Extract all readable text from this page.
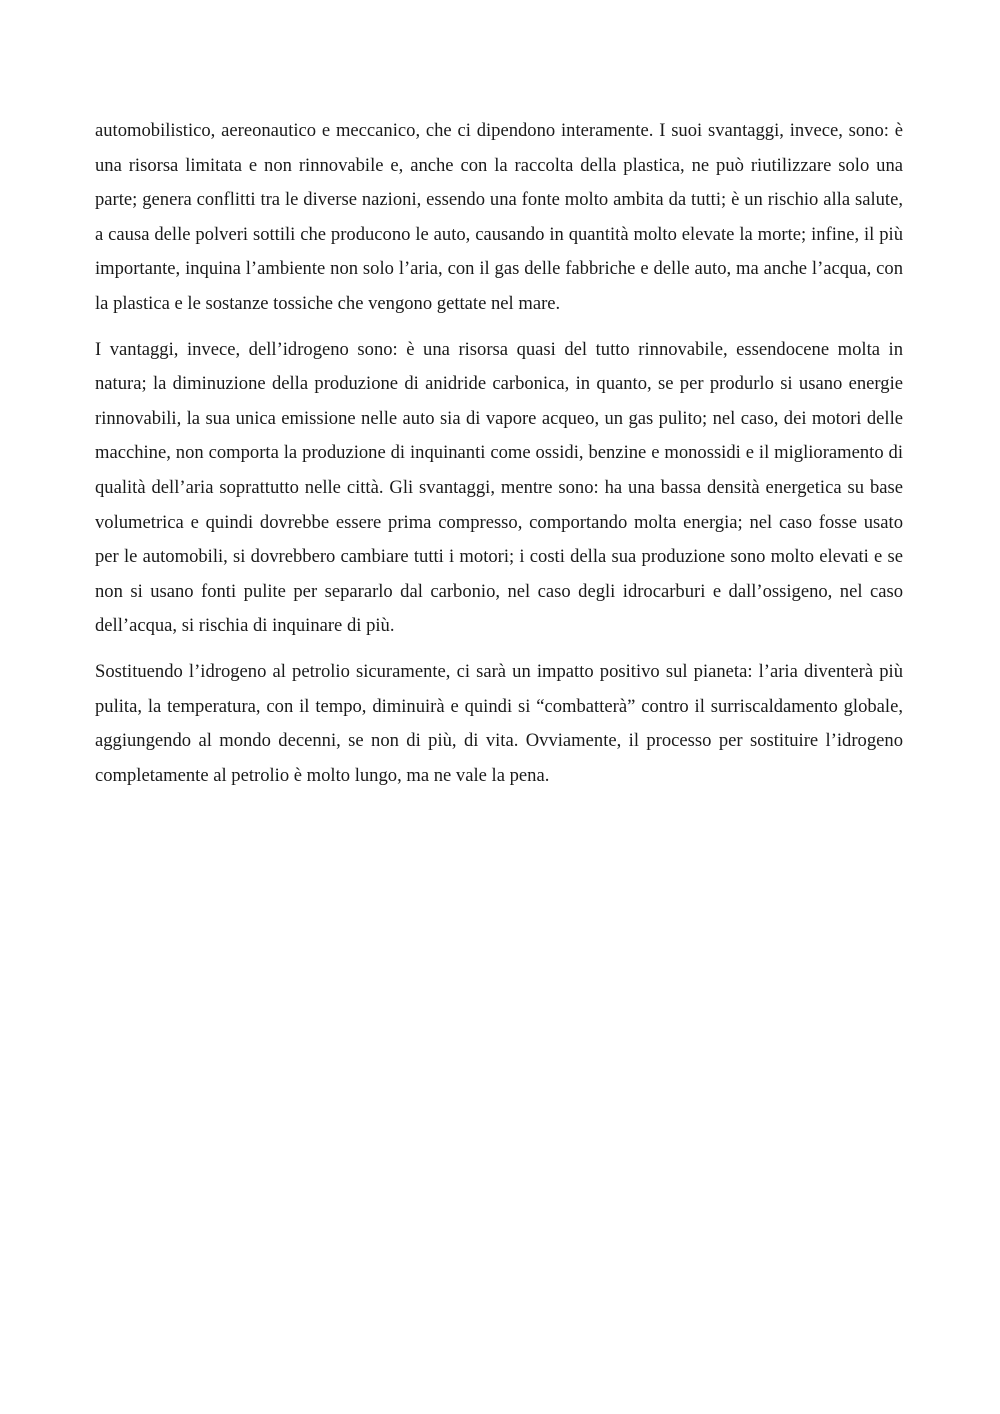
automobilistico, aereonautico e meccanico, che ci dipendono interamente. I suoi svantaggi, invece, sono: è una risorsa limitata e non rinnovabile e, anche con la raccolta della plastica, ne può riutilizzare solo una parte; genera conflitti tra le diverse nazioni, essendo una fonte molto ambita da tutti; è un rischio alla salute, a causa delle polveri sottili che producono le auto, causando in quantità molto elevate la morte; infine, il più importante, inquina l’ambiente non solo l’aria, con il gas delle fabbriche e delle auto, ma anche l’acqua, con la plastica e le sostanze tossiche che vengono gettate nel mare.

I vantaggi, invece, dell’idrogeno sono: è una risorsa quasi del tutto rinnovabile, essendocene molta in natura; la diminuzione della produzione di anidride carbonica, in quanto, se per produrlo si usano energie rinnovabili, la sua unica emissione nelle auto sia di vapore acqueo, un gas pulito; nel caso, dei motori delle macchine, non comporta la produzione di inquinanti come ossidi, benzine e monossidi e il miglioramento di qualità dell’aria soprattutto nelle città. Gli svantaggi, mentre sono: ha una bassa densità energetica su base volumetrica e quindi dovrebbe essere prima compresso, comportando molta energia; nel caso fosse usato per le automobili, si dovrebbero cambiare tutti i motori; i costi della sua produzione sono molto elevati e se non si usano fonti pulite per separarlo dal carbonio, nel caso degli idrocarburi e dall’ossigeno, nel caso dell’acqua, si rischia di inquinare di più.

Sostituendo l’idrogeno al petrolio sicuramente, ci sarà un impatto positivo sul pianeta: l’aria diventerà più pulita, la temperatura, con il tempo, diminuirà e quindi si “combatterà” contro il surriscaldamento globale, aggiungendo al mondo decenni, se non di più, di vita. Ovviamente, il processo per sostituire l’idrogeno completamente al petrolio è molto lungo, ma ne vale la pena.
